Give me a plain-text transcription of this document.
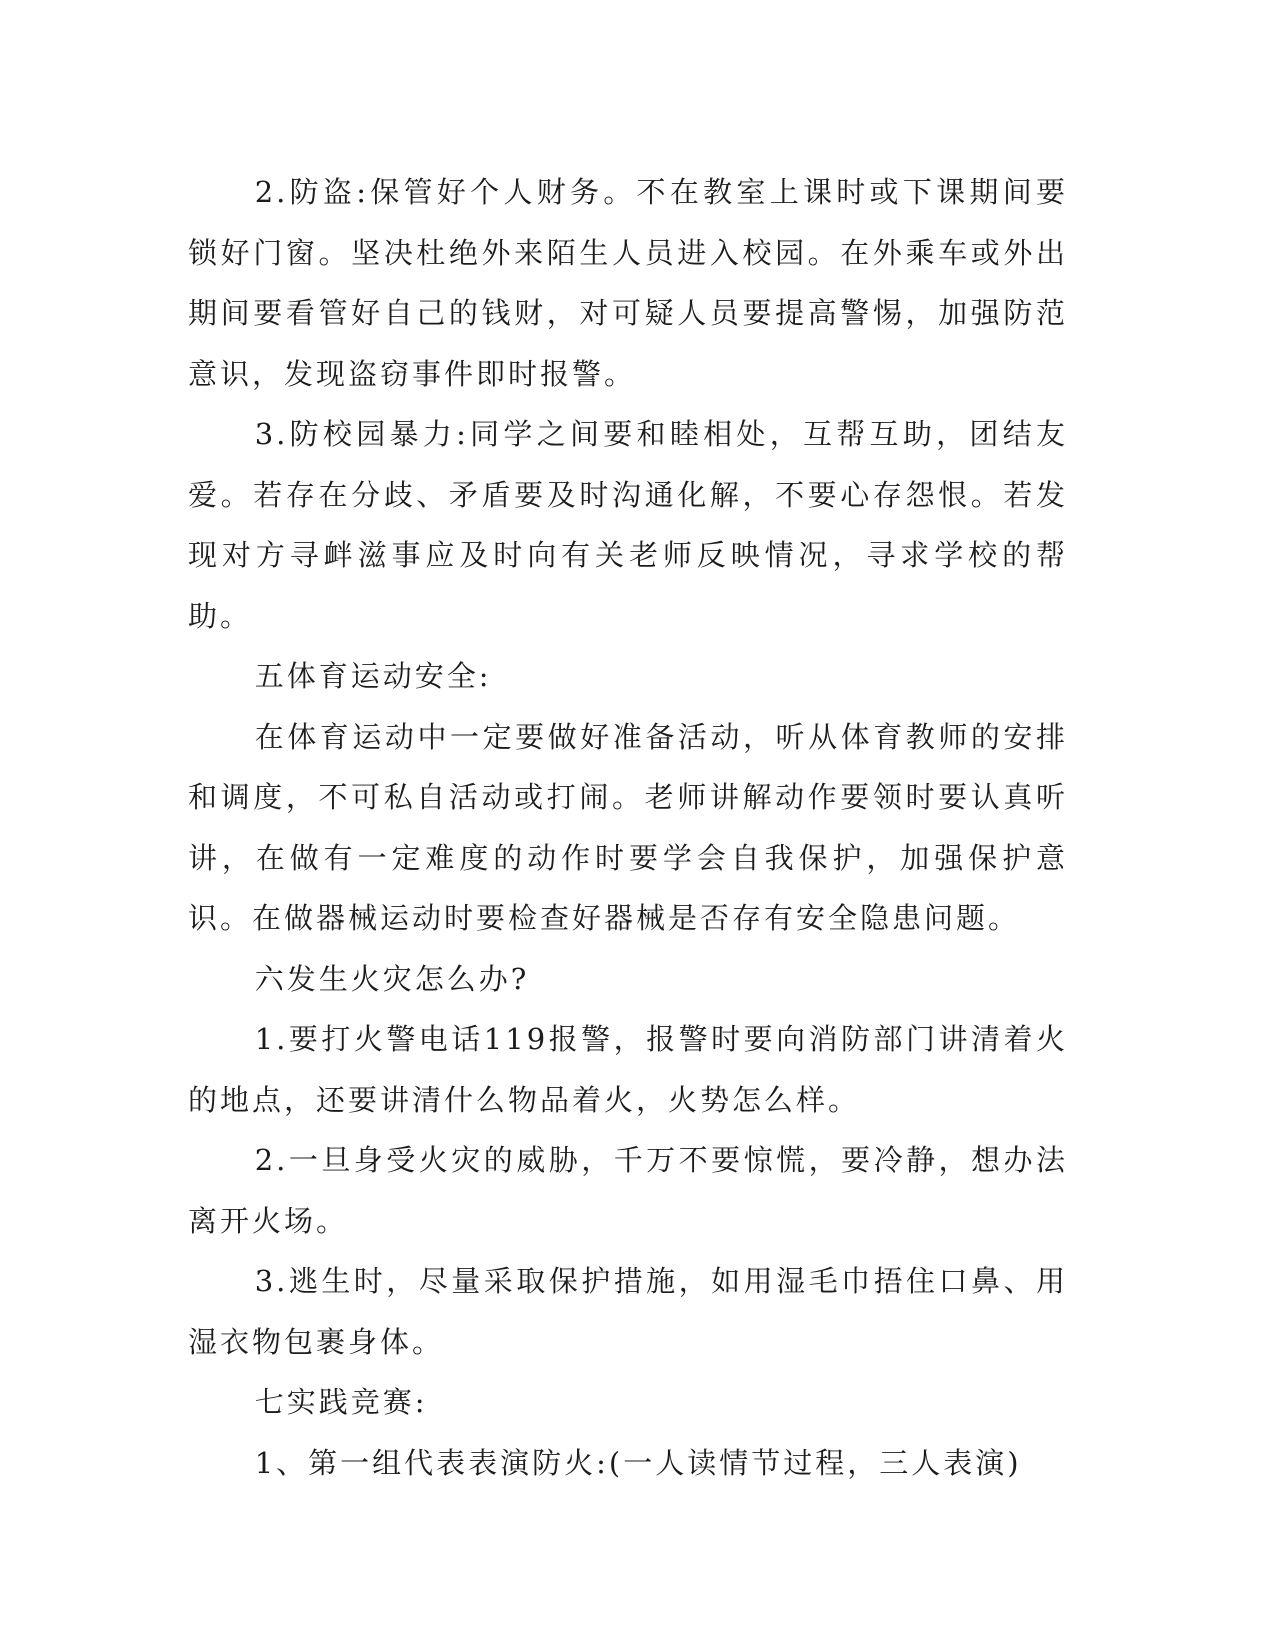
2.防盗:保管好个人财务。不在教室上课时或下课期间要锁好门窗。坚决杜绝外来陌生人员进入校园。在外乘车或外出期间要看管好自己的钱财，对可疑人员要提高警惕，加强防范意识，发现盗窃事件即时报警。

3.防校园暴力:同学之间要和睦相处，互帮互助，团结友爱。若存在分歧、矛盾要及时沟通化解，不要心存怨恨。若发现对方寻衅滋事应及时向有关老师反映情况，寻求学校的帮助。

五体育运动安全:

在体育运动中一定要做好准备活动，听从体育教师的安排和调度，不可私自活动或打闹。老师讲解动作要领时要认真听讲，在做有一定难度的动作时要学会自我保护，加强保护意识。在做器械运动时要检查好器械是否存有安全隐患问题。

六发生火灾怎么办?

1.要打火警电话119报警，报警时要向消防部门讲清着火的地点，还要讲清什么物品着火，火势怎么样。

2.一旦身受火灾的威胁，千万不要惊慌，要冷静，想办法离开火场。

3.逃生时，尽量采取保护措施，如用湿毛巾捂住口鼻、用湿衣物包裹身体。

七实践竞赛:

1、第一组代表表演防火:(一人读情节过程，三人表演)
